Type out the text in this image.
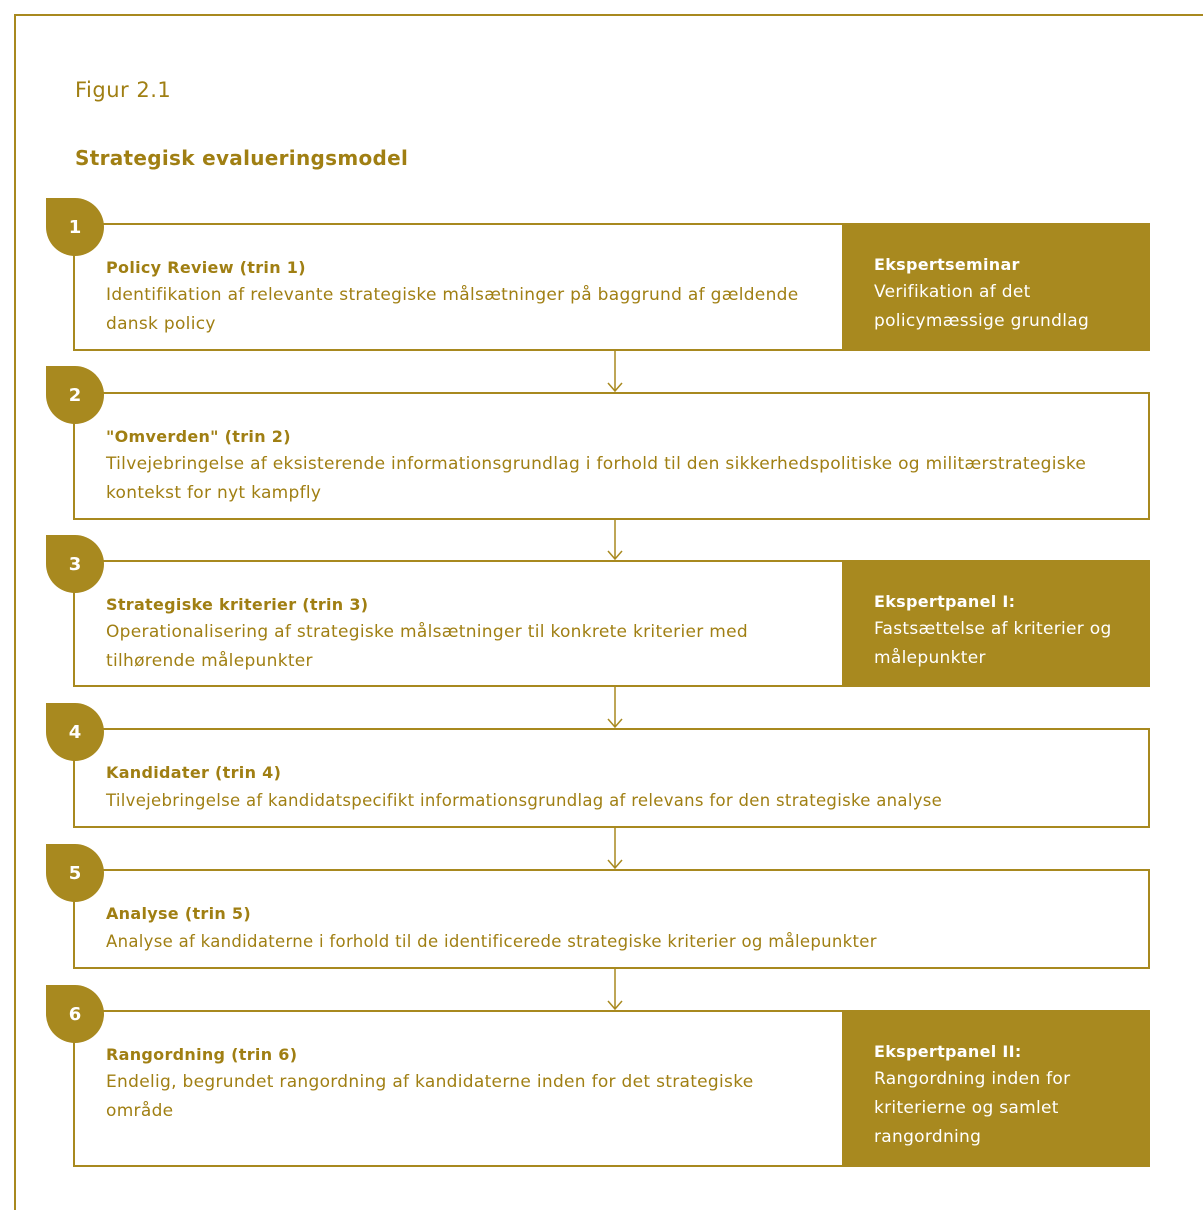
Figur 2.1
Strategisk evalueringsmodel
Policy Review (trin 1)
Identifikation af relevante strategiske målsætninger på baggrund af gældende dansk policy
Ekspertseminar
Verifikation af det policymæssige grundlag
1
"Omverden" (trin 2)
Tilvejebringelse af eksisterende informationsgrundlag i forhold til den sikkerhedspolitiske og militærstrategiske kontekst for nyt kampfly
2
Strategiske kriterier (trin 3)
Operationalisering af strategiske målsætninger til konkrete kriterier med tilhørende målepunkter
Ekspertpanel I:
Fastsættelse af kriterier og målepunkter
3
Kandidater (trin 4)
Tilvejebringelse af kandidatspecifikt informationsgrundlag af relevans for den strategiske analyse
4
Analyse (trin 5)
Analyse af kandidaterne i forhold til de identificerede strategiske kriterier og målepunkter
5
Rangordning (trin 6)
Endelig, begrundet rangordning af kandidaterne inden for det strategiske område
Ekspertpanel II:
Rangordning inden for kriterierne og samlet rangordning
6
